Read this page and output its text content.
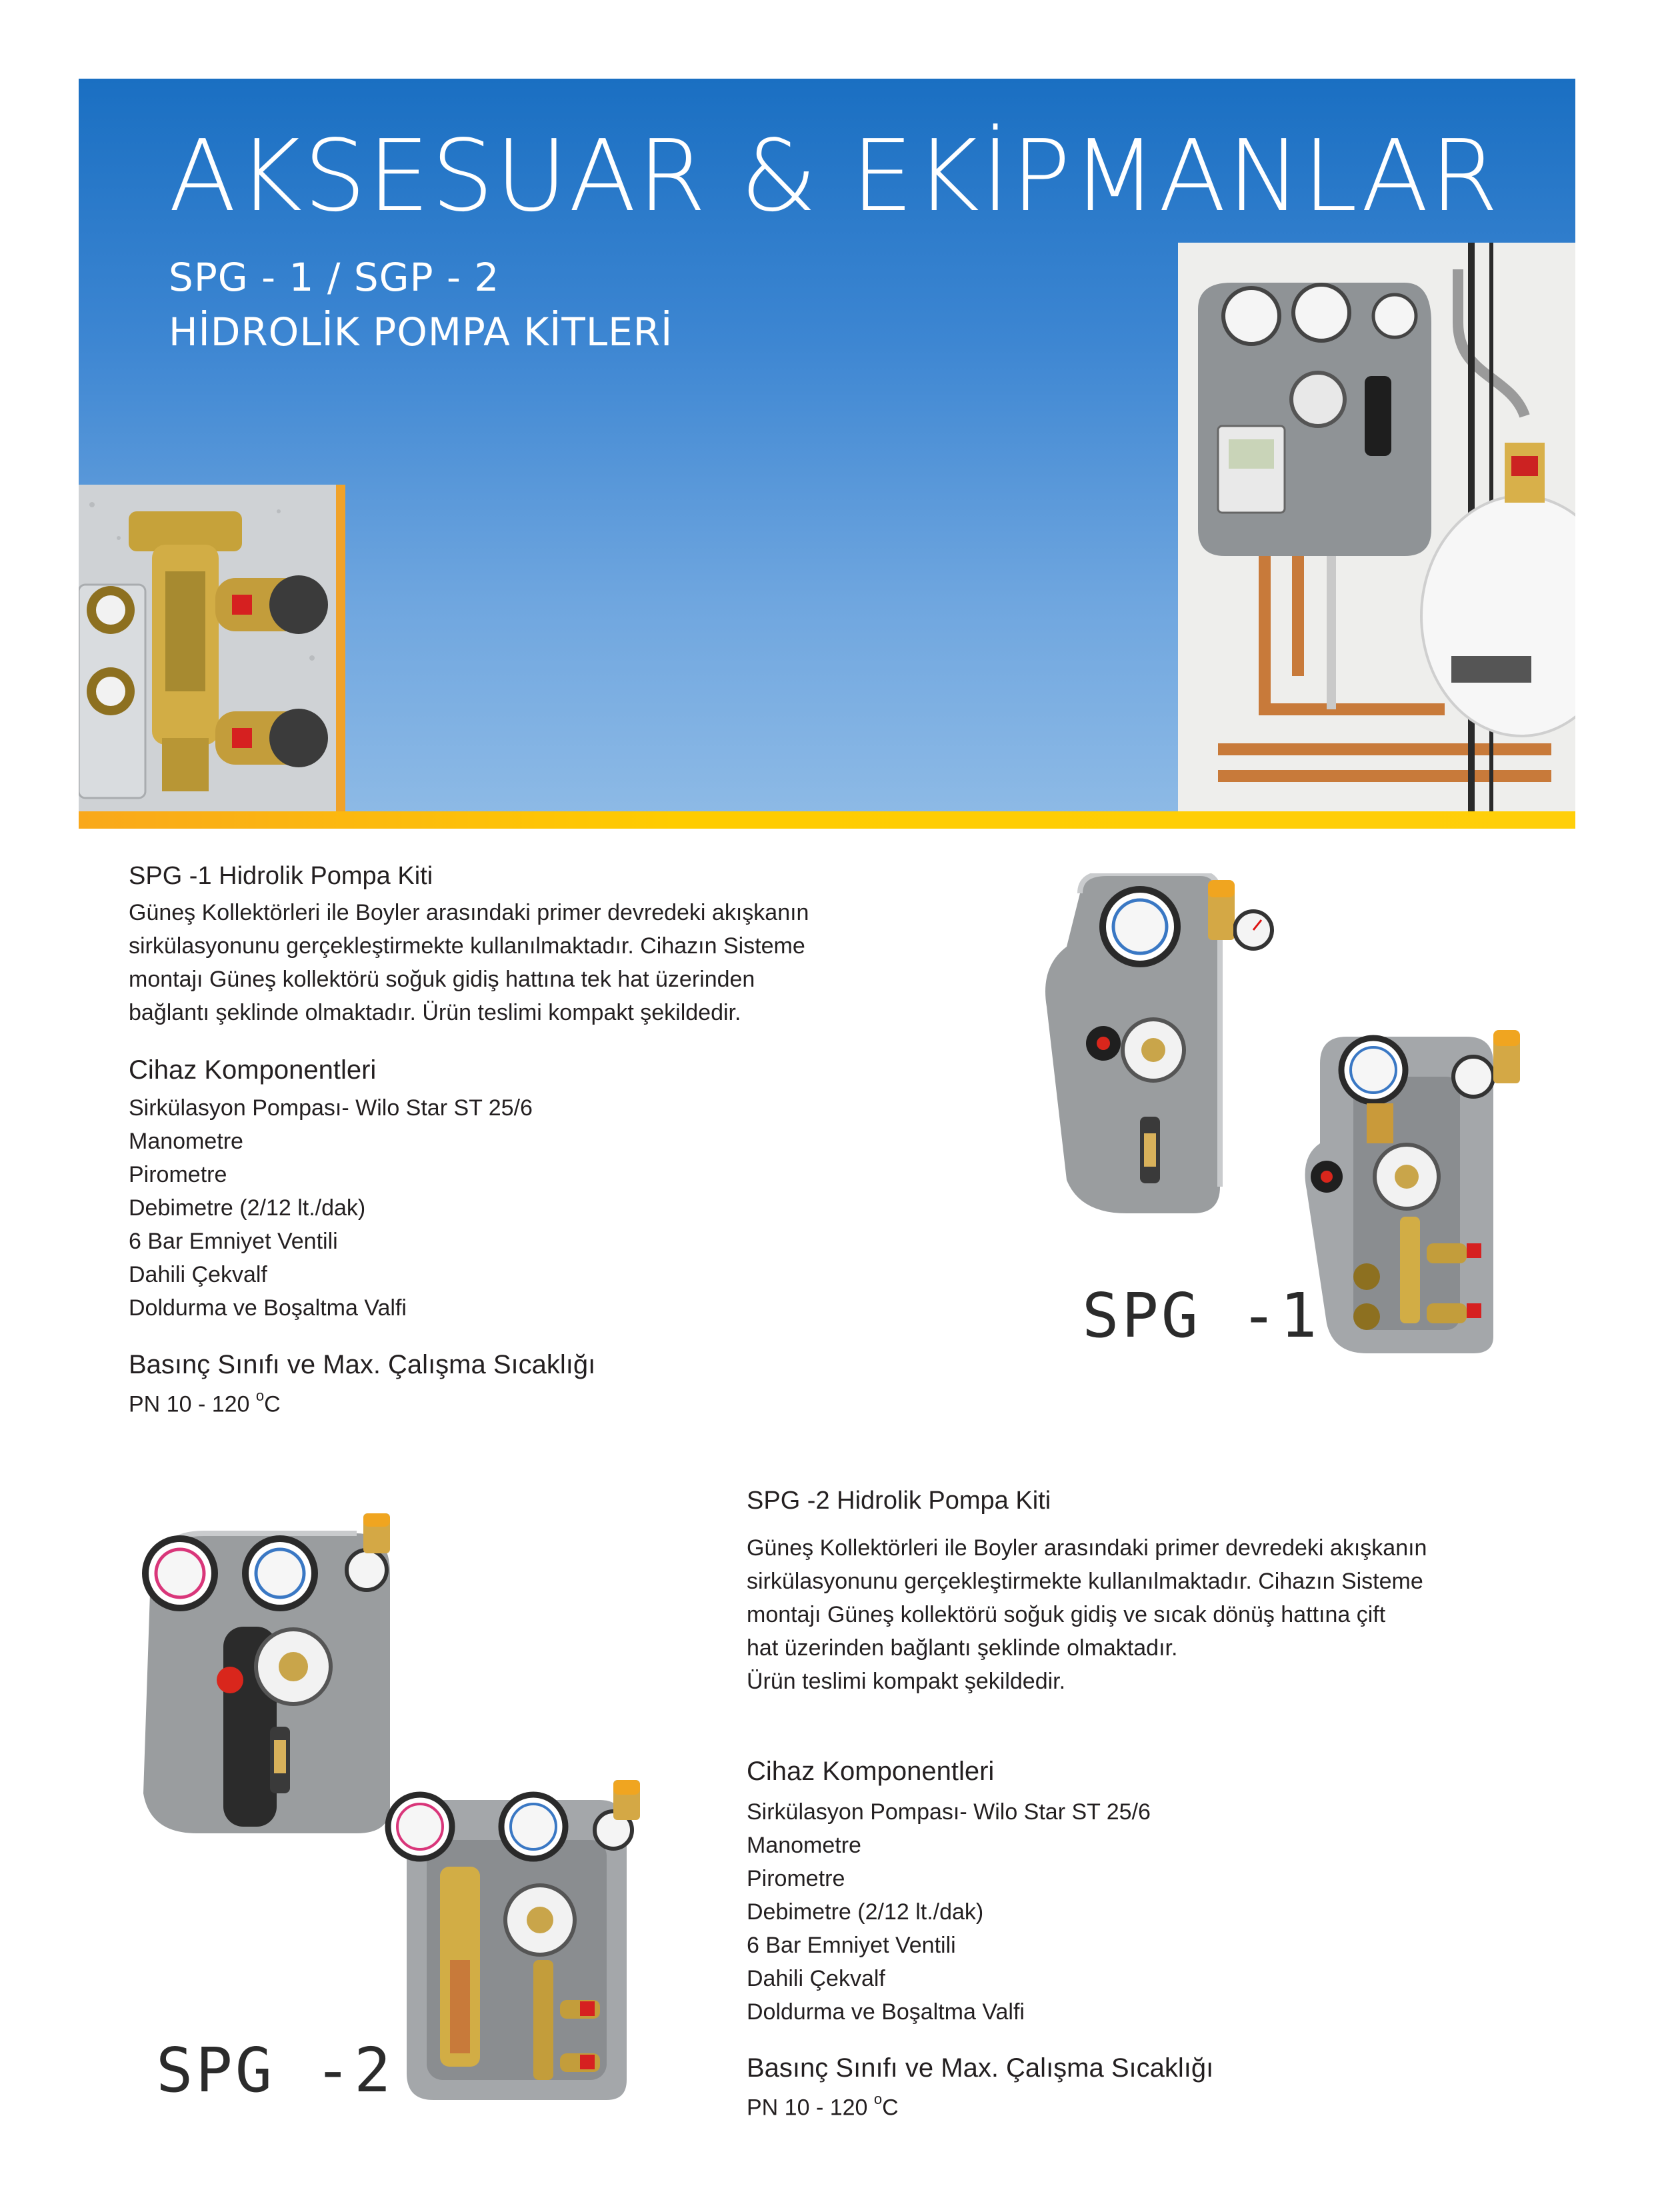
AKSESUAR & EKİPMANLAR
SPG - 1 / SGP - 2
HİDROLİK POMPA KİTLERİ
SPG -1 Hidrolik Pompa Kiti

Güneş Kollektörleri ile Boyler arasındaki primer devredeki akışkanın

sirkülasyonunu gerçekleştirmekte kullanılmaktadır. Cihazın Sisteme

montajı Güneş kollektörü soğuk gidiş hattına tek hat üzerinden

bağlantı şeklinde olmaktadır. Ürün teslimi kompakt şekildedir.

Cihaz Komponentleri
Sirkülasyon Pompası- Wilo Star ST 25/6
Manometre
Pirometre
Debimetre (2/12 lt./dak)
6 Bar Emniyet Ventili
Dahili Çekvalf
Doldurma ve Boşaltma Valfi
Basınç Sınıfı ve Max. Çalışma Sıcaklığı
PN 10 - 120 $^o$C
SPG -1
SPG -2
SPG -2 Hidrolik Pompa Kiti

Güneş Kollektörleri ile Boyler arasındaki primer devredeki akışkanın

sirkülasyonunu gerçekleştirmekte kullanılmaktadır. Cihazın Sisteme

montajı Güneş kollektörü soğuk gidiş ve sıcak dönüş hattına çift

hat üzerinden bağlantı şeklinde olmaktadır.

Ürün teslimi kompakt şekildedir.

Cihaz Komponentleri
Sirkülasyon Pompası- Wilo Star ST 25/6
Manometre
Pirometre
Debimetre (2/12 lt./dak)
6 Bar Emniyet Ventili
Dahili Çekvalf
Doldurma ve Boşaltma Valfi
Basınç Sınıfı ve Max. Çalışma Sıcaklığı
PN 10 - 120 $^o$C
